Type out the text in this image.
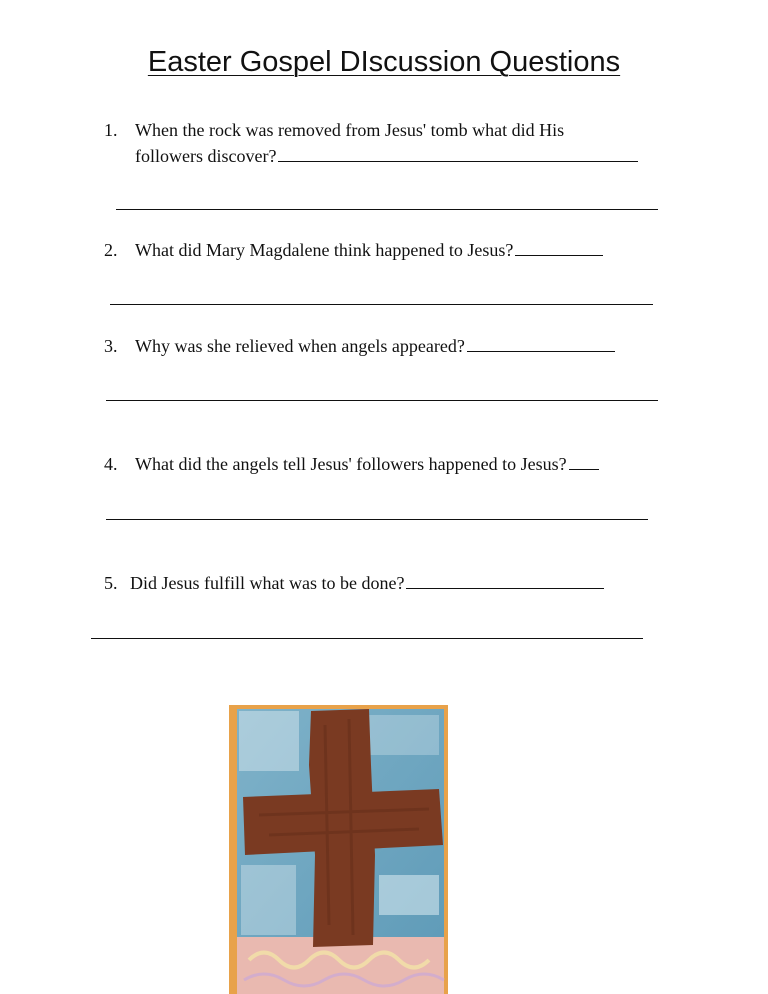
Easter Gospel DIscussion Questions
1. When the rock was removed from Jesus' tomb what did His
followers discover?
2. What did Mary Magdalene think happened to Jesus?
3. Why was she relieved when angels appeared?
4. What did the angels tell Jesus' followers happened to Jesus?
5. Did Jesus fulfill what was to be done?
